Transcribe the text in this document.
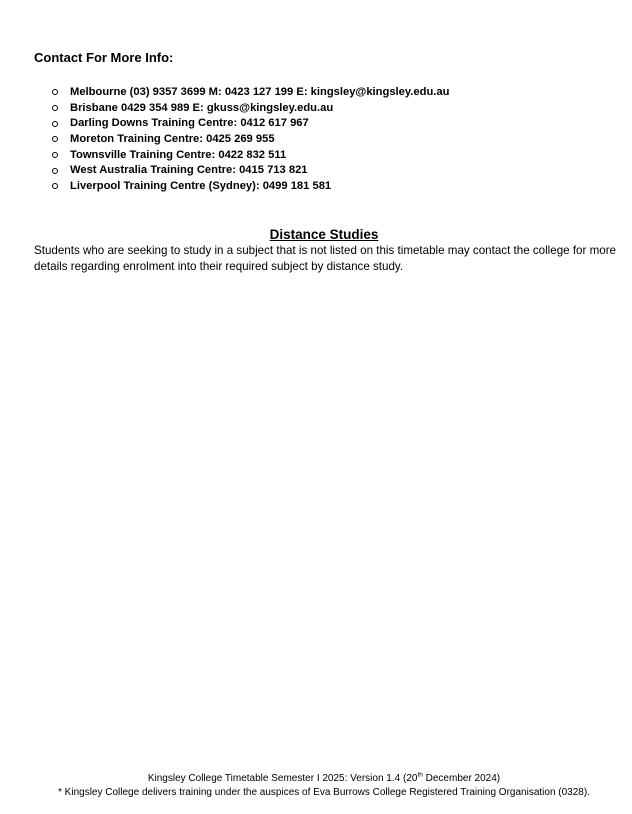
Contact For More Info:

Melbourne (03) 9357 3699 M: 0423 127 199 E: kingsley@kingsley.edu.au
Brisbane 0429 354 989 E: gkuss@kingsley.edu.au
Darling Downs Training Centre: 0412 617 967
Moreton Training Centre: 0425 269 955
Townsville Training Centre: 0422 832 511
West Australia Training Centre: 0415 713 821
Liverpool Training Centre (Sydney): 0499 181 581

Distance Studies

Students who are seeking to study in a subject that is not listed on this timetable may contact the college for more details regarding enrolment into their required subject by distance study.

Kingsley College Timetable Semester I 2025: Version 1.4 (20th December 2024)
* Kingsley College delivers training under the auspices of Eva Burrows College Registered Training Organisation (0328).
